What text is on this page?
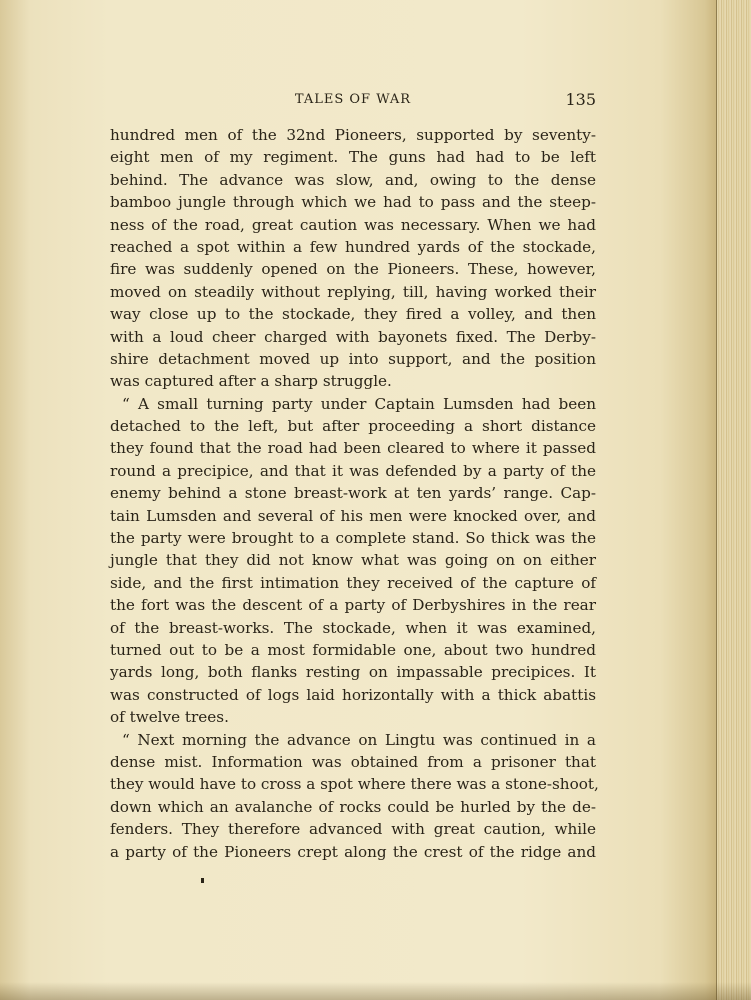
TALES OF WAR	135
hundred men of the 32nd Pioneers, supported by seventy-
eight men of my regiment. The guns had had to be left
behind. The advance was slow, and, owing to the dense
bamboo jungle through which we had to pass and the steep-
ness of the road, great caution was necessary. When we had
reached a spot within a few hundred yards of the stockade,
fire was suddenly opened on the Pioneers. These, however,
moved on steadily without replying, till, having worked their
way close up to the stockade, they fired a volley, and then
with a loud cheer charged with bayonets fixed. The Derby-
shire detachment moved up into support, and the position
was captured after a sharp struggle.
“ A small turning party under Captain Lumsden had been
detached to the left, but after proceeding a short distance
they found that the road had been cleared to where it passed
round a precipice, and that it was defended by a party of the
enemy behind a stone breast-work at ten yards’ range. Cap-
tain Lumsden and several of his men were knocked over, and
the party were brought to a complete stand. So thick was the
jungle that they did not know what was going on on either
side, and the first intimation they received of the capture of
the fort was the descent of a party of Derbyshires in the rear
of the breast-works. The stockade, when it was examined,
turned out to be a most formidable one, about two hundred
yards long, both flanks resting on impassable precipices. It
was constructed of logs laid horizontally with a thick abattis
of twelve trees.
“ Next morning the advance on Lingtu was continued in a
dense mist. Information was obtained from a prisoner that
they would have to cross a spot where there was a stone-shoot,
down which an avalanche of rocks could be hurled by the de-
fenders. They therefore advanced with great caution, while
a party of the Pioneers crept along the crest of the ridge and
